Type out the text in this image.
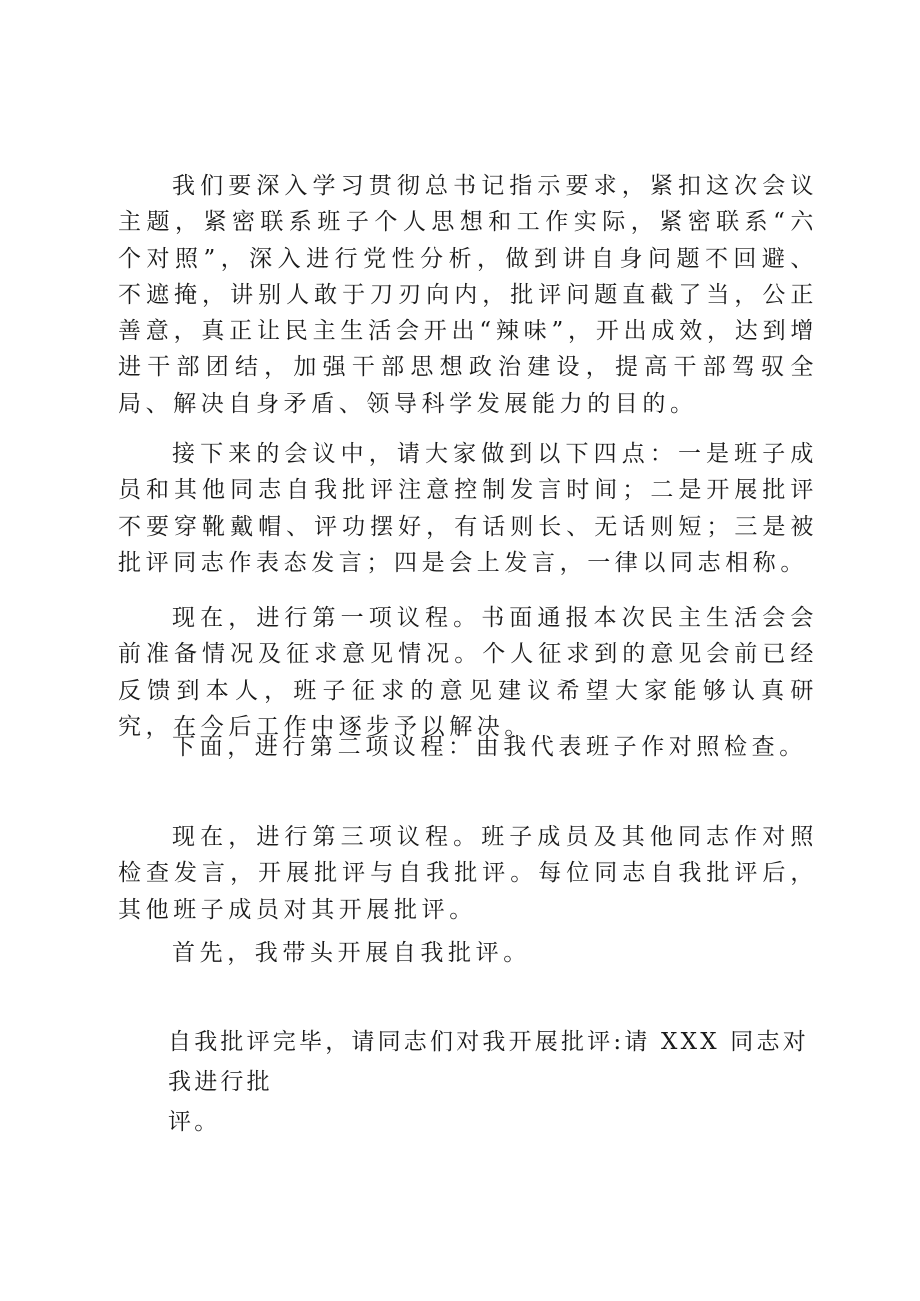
我们要深入学习贯彻总书记指示要求，紧扣这次会议主题，紧密联系班子个人思想和工作实际，紧密联系“六个对照”，深入进行党性分析，做到讲自身问题不回避、不遮掩，讲别人敢于刀刃向内，批评问题直截了当，公正善意，真正让民主生活会开出“辣味”，开出成效，达到增进干部团结，加强干部思想政治建设，提高干部驾驭全局、解决自身矛盾、领导科学发展能力的目的。

接下来的会议中，请大家做到以下四点：一是班子成员和其他同志自我批评注意控制发言时间；二是开展批评不要穿靴戴帽、评功摆好，有话则长、无话则短；三是被批评同志作表态发言；四是会上发言，一律以同志相称。

现在，进行第一项议程。书面通报本次民主生活会会前准备情况及征求意见情况。个人征求到的意见会前已经反馈到本人，班子征求的意见建议希望大家能够认真研究，在今后工作中逐步予以解决。

下面，进行第二项议程：由我代表班子作对照检查。

现在，进行第三项议程。班子成员及其他同志作对照检查发言，开展批评与自我批评。每位同志自我批评后，其他班子成员对其开展批评。

首先，我带头开展自我批评。

自我批评完毕，请同志们对我开展批评:请 XXX 同志对我进行批
评。
